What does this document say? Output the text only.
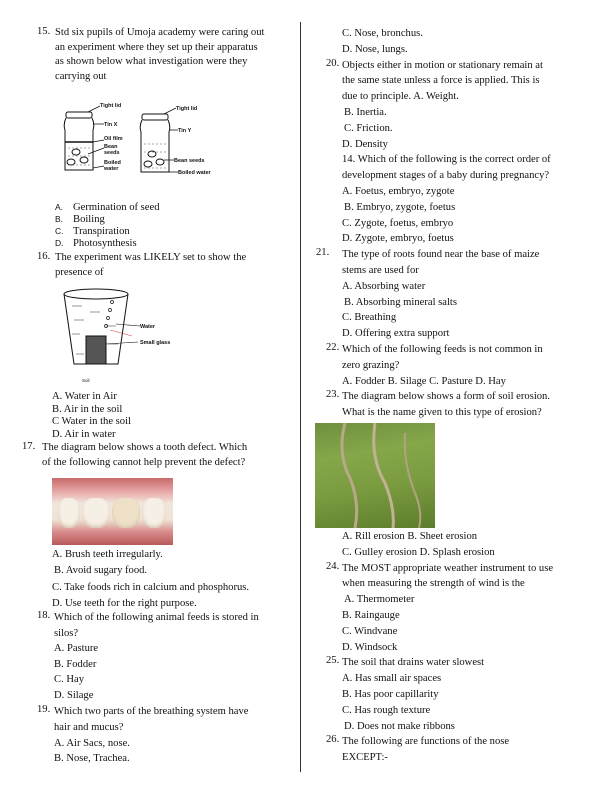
15. Std six pupils of Umoja academy were caring out
an experiment where they set up their apparatus
as shown below what investigation were they
carrying out
Tight lid
Tin X
Oil film
Bean
seeds
Boiled
water
Tight lid
Tin Y
Bean seeds
Boiled water
A. Germination of seed
B. Boiling
C. Transpiration
D. Photosynthesis
16. The experiment was LIKELY set to show the
presence of
Water
Small glass
Soil
A. Water in Air
B. Air in the soil
C Water in the soil
D. Air in water
17. The diagram below shows a tooth defect. Which
of the following cannot help prevent the defect?
A. Brush teeth irregularly.
B. Avoid sugary food.
C. Take foods rich in calcium and phosphorus.
D. Use teeth for the right purpose.
18. Which of the following animal feeds is stored in
silos?
A. Pasture
B. Fodder
C. Hay
D. Silage
19. Which two parts of the breathing system have
hair and mucus?
A. Air Sacs, nose.
B. Nose, Trachea.
C. Nose, bronchus.
D. Nose, lungs.
20. Objects either in motion or stationary remain at
the same state unless a force is applied. This is
due to principle. A. Weight.
B. Inertia.
C. Friction.
D. Density
14. Which of the following is the correct order of
development stages of a baby during pregnancy?
A. Foetus, embryo, zygote
B. Embryo, zygote, foetus
C. Zygote, foetus, embryo
D. Zygote, embryo, foetus
21. The type of roots found near the base of maize
stems are used for
A. Absorbing water
B. Absorbing mineral salts
C. Breathing
D. Offering extra support
22. Which of the following feeds is not common in
zero grazing?
A. Fodder B. Silage C. Pasture D. Hay
23. The diagram below shows a form of soil erosion.
What is the name given to this type of erosion?
A. Rill erosion B. Sheet erosion
C. Gulley erosion D. Splash erosion
24. The MOST appropriate weather instrument to use
when measuring the strength of wind is the
A. Thermometer
B. Raingauge
C. Windvane
D. Windsock
25. The soil that drains water slowest
A. Has small air spaces
B. Has poor capillarity
C. Has rough texture
D. Does not make ribbons
26. The following are functions of the nose
EXCEPT:-
